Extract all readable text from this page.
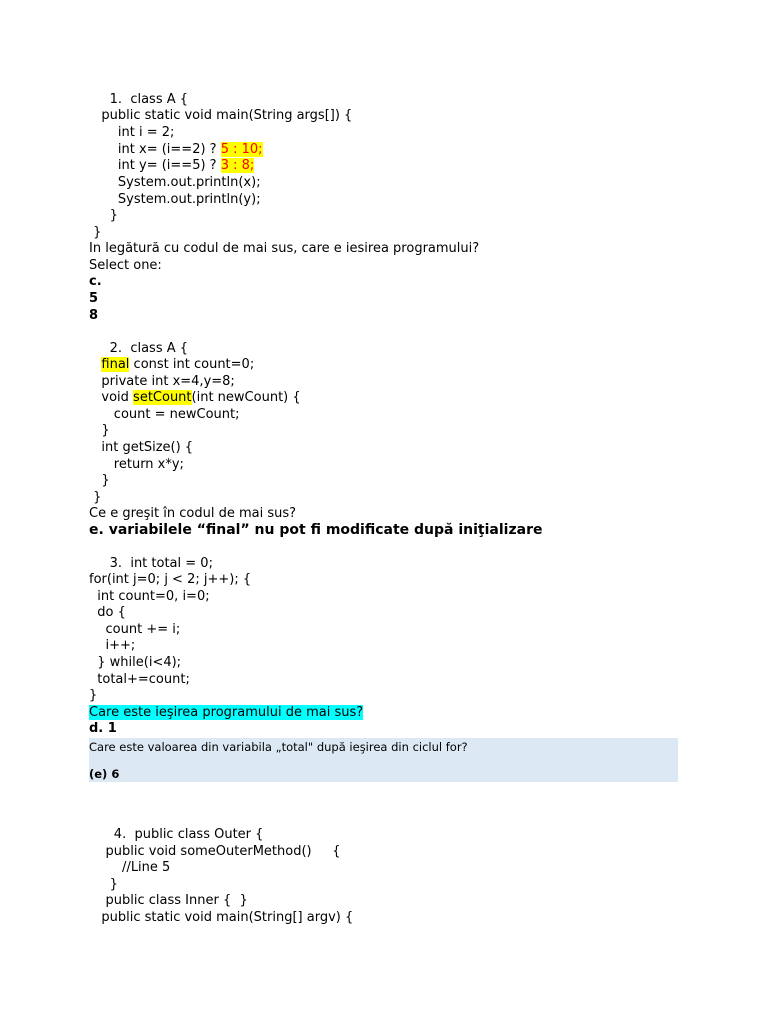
1.  class A {
public static void main(String args[]) {
int i = 2;
int x= (i==2) ? 5 : 10;
int y= (i==5) ? 3 : 8;
System.out.println(x);
System.out.println(y);
}
}
In legătură cu codul de mai sus, care e iesirea programului?
Select one:
c.
5
8
2.  class A {
final const int count=0;
private int x=4,y=8;
void setCount(int newCount) {
count = newCount;
}
int getSize() {
return x*y;
}
}
Ce e greşit în codul de mai sus?
e. variabilele “final” nu pot fi modificate după iniţializare
3.  int total = 0;
for(int j=0; j < 2; j++); {
int count=0, i=0;
do {
count += i;
i++;
} while(i<4);
total+=count;
}
Care este ieşirea programului de mai sus?
d. 1
Care este valoarea din variabila „total" după ieşirea din ciclul for?
(e) 6
4.  public class Outer {
public void someOuterMethod()     {
//Line 5
}
public class Inner {  }
public static void main(String[] argv) {
